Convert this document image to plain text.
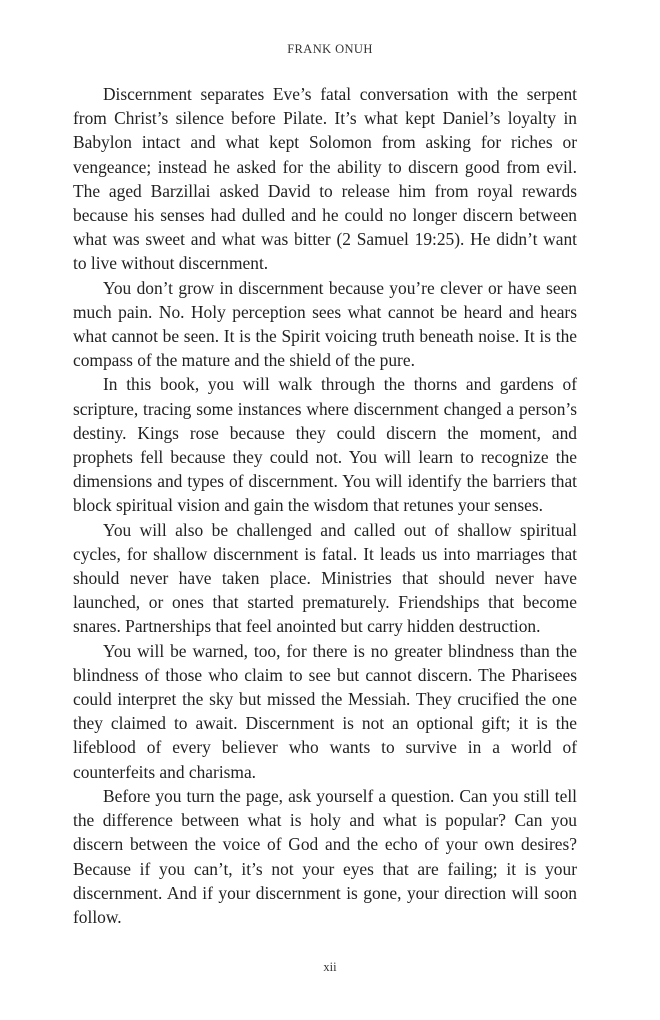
FRANK ONUH

Discernment separates Eve’s fatal conversation with the serpent from Christ’s silence before Pilate. It’s what kept Daniel’s loyalty in Babylon intact and what kept Solomon from asking for riches or vengeance; instead he asked for the ability to discern good from evil. The aged Barzillai asked David to release him from royal rewards because his senses had dulled and he could no longer discern between what was sweet and what was bitter (2 Samuel 19:25). He didn’t want to live without discernment.

You don’t grow in discernment because you’re clever or have seen much pain. No. Holy perception sees what cannot be heard and hears what cannot be seen. It is the Spirit voicing truth beneath noise. It is the compass of the mature and the shield of the pure.

In this book, you will walk through the thorns and gardens of scripture, tracing some instances where discernment changed a person’s destiny. Kings rose because they could discern the moment, and prophets fell because they could not. You will learn to recognize the dimensions and types of discernment. You will identify the barriers that block spiritual vision and gain the wisdom that retunes your senses.

You will also be challenged and called out of shallow spiritual cycles, for shallow discernment is fatal. It leads us into marriages that should never have taken place. Ministries that should never have launched, or ones that started prematurely. Friendships that become snares. Partnerships that feel anointed but carry hidden destruction.

You will be warned, too, for there is no greater blindness than the blindness of those who claim to see but cannot discern. The Pharisees could interpret the sky but missed the Messiah. They crucified the one they claimed to await. Discernment is not an optional gift; it is the lifeblood of every believer who wants to survive in a world of counterfeits and charisma.

Before you turn the page, ask yourself a question. Can you still tell the difference between what is holy and what is popular? Can you discern between the voice of God and the echo of your own desires? Because if you can’t, it’s not your eyes that are failing; it is your discernment. And if your discernment is gone, your direction will soon follow.

xii
